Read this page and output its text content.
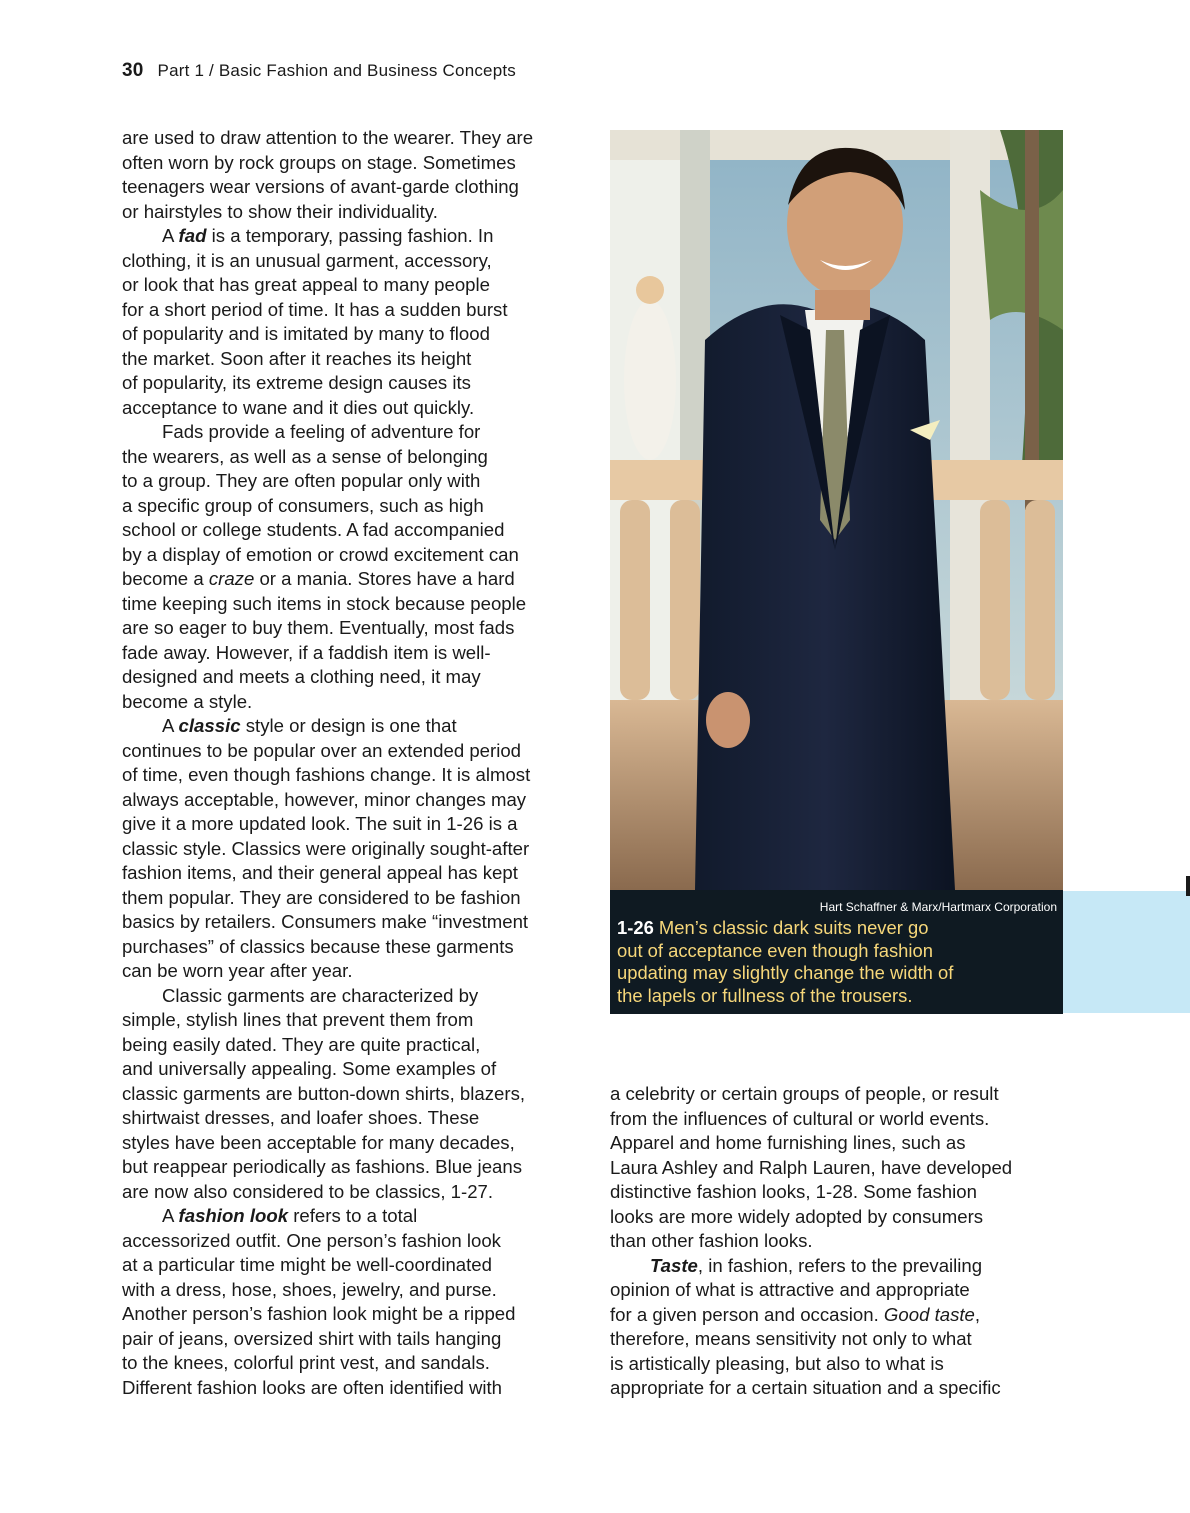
30 Part 1 / Basic Fashion and Business Concepts
are used to draw attention to the wearer. They are
often worn by rock groups on stage. Sometimes
teenagers wear versions of avant-garde clothing
or hairstyles to show their individuality.
A fad is a temporary, passing fashion. In
clothing, it is an unusual garment, accessory,
or look that has great appeal to many people
for a short period of time. It has a sudden burst
of popularity and is imitated by many to flood
the market. Soon after it reaches its height
of popularity, its extreme design causes its
acceptance to wane and it dies out quickly.
Fads provide a feeling of adventure for
the wearers, as well as a sense of belonging
to a group. They are often popular only with
a specific group of consumers, such as high
school or college students. A fad accompanied
by a display of emotion or crowd excitement can
become a craze or a mania. Stores have a hard
time keeping such items in stock because people
are so eager to buy them. Eventually, most fads
fade away. However, if a faddish item is well-
designed and meets a clothing need, it may
become a style.
A classic style or design is one that
continues to be popular over an extended period
of time, even though fashions change. It is almost
always acceptable, however, minor changes may
give it a more updated look. The suit in 1-26 is a
classic style. Classics were originally sought-after
fashion items, and their general appeal has kept
them popular. They are considered to be fashion
basics by retailers. Consumers make “investment
purchases” of classics because these garments
can be worn year after year.
Classic garments are characterized by
simple, stylish lines that prevent them from
being easily dated. They are quite practical,
and universally appealing. Some examples of
classic garments are button-down shirts, blazers,
shirtwaist dresses, and loafer shoes. These
styles have been acceptable for many decades,
but reappear periodically as fashions. Blue jeans
are now also considered to be classics, 1-27.
A fashion look refers to a total
accessorized outfit. One person’s fashion look
at a particular time might be well-coordinated
with a dress, hose, shoes, jewelry, and purse.
Another person’s fashion look might be a ripped
pair of jeans, oversized shirt with tails hanging
to the knees, colorful print vest, and sandals.
Different fashion looks are often identified with
Hart Schaffner & Marx/Hartmarx Corporation
1-26 Men’s classic dark suits never go
out of acceptance even though fashion
updating may slightly change the width of
the lapels or fullness of the trousers.
a celebrity or certain groups of people, or result
from the influences of cultural or world events.
Apparel and home furnishing lines, such as
Laura Ashley and Ralph Lauren, have developed
distinctive fashion looks, 1-28. Some fashion
looks are more widely adopted by consumers
than other fashion looks.
Taste, in fashion, refers to the prevailing
opinion of what is attractive and appropriate
for a given person and occasion. Good taste,
therefore, means sensitivity not only to what
is artistically pleasing, but also to what is
appropriate for a certain situation and a specific
